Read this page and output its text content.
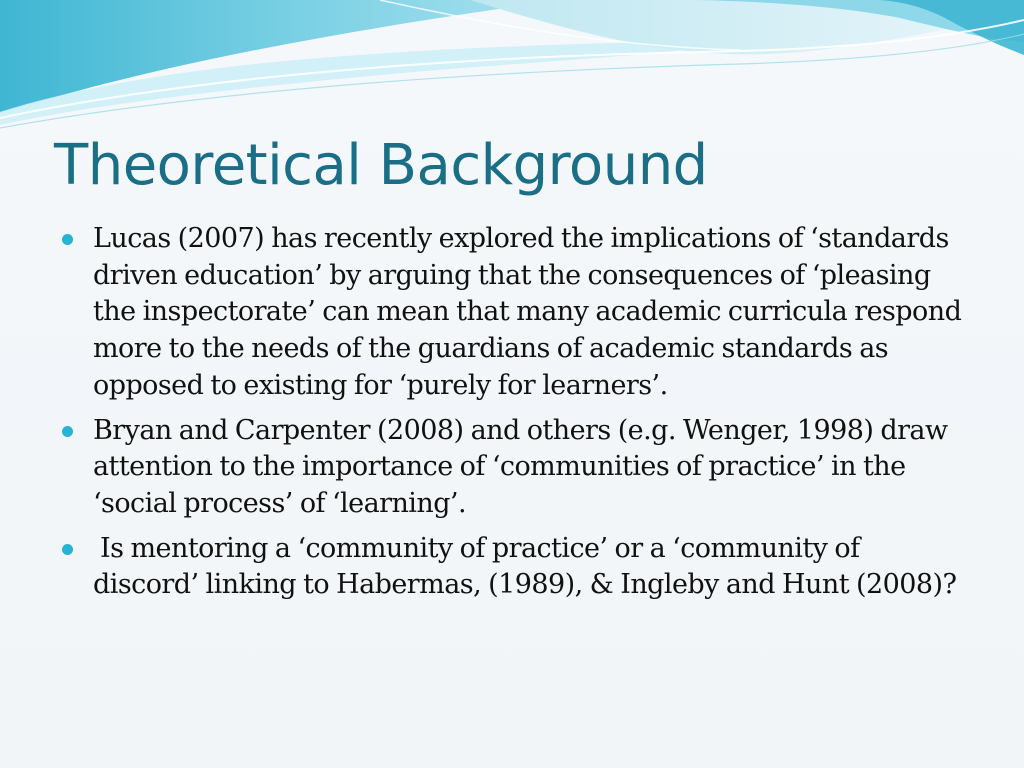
Theoretical Background
Lucas (2007) has recently explored the implications of ‘standards driven education’ by arguing that the consequences of ‘pleasing the inspectorate’ can mean that many academic curricula respond more to the needs of the guardians of academic standards as opposed to existing for ‘purely for learners’.
Bryan and Carpenter (2008) and others (e.g. Wenger, 1998) draw attention to the importance of ‘communities of practice’ in the ‘social process’ of ‘learning’.
Is mentoring a ‘community of practice’ or a ‘community of discord’ linking to Habermas, (1989), & Ingleby and Hunt (2008)?
